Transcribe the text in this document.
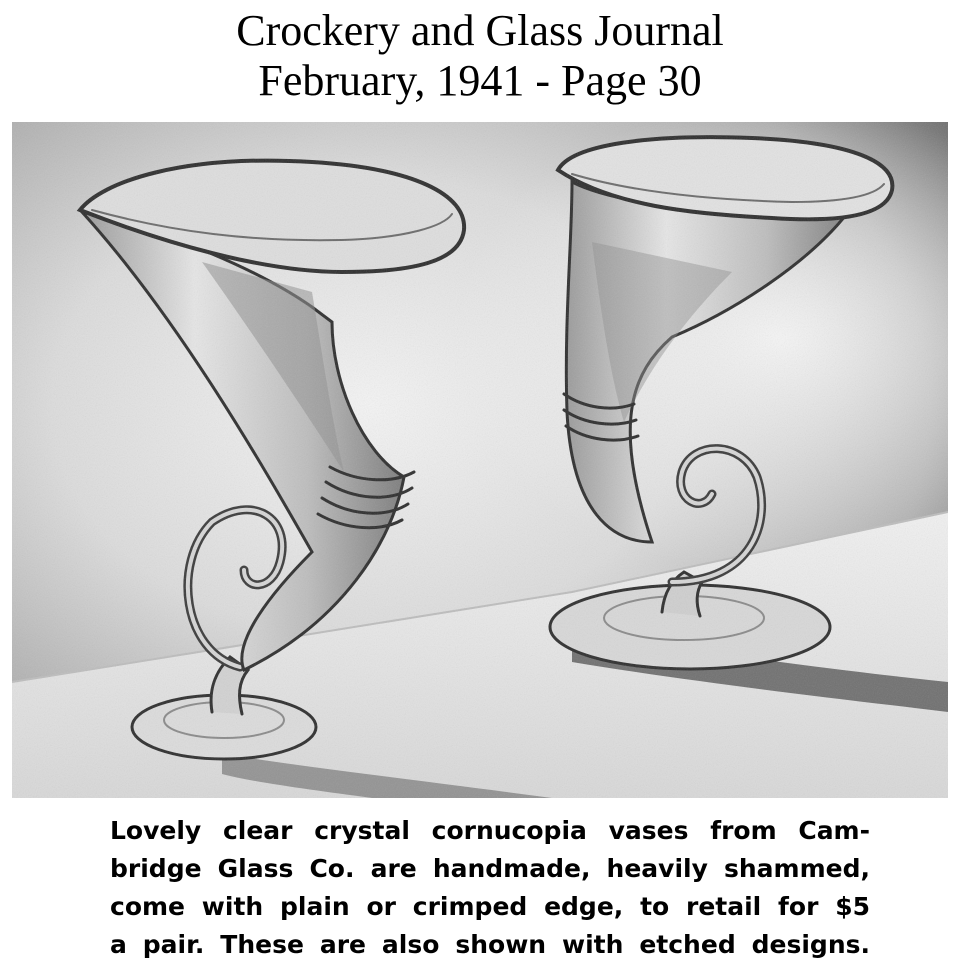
Crockery and Glass Journal
February, 1941 - Page 30
Lovely clear crystal cornucopia vases from Cam-
bridge Glass Co. are handmade, heavily shammed,
come with plain or crimped edge, to retail for $5
a pair. These are also shown with etched designs.
